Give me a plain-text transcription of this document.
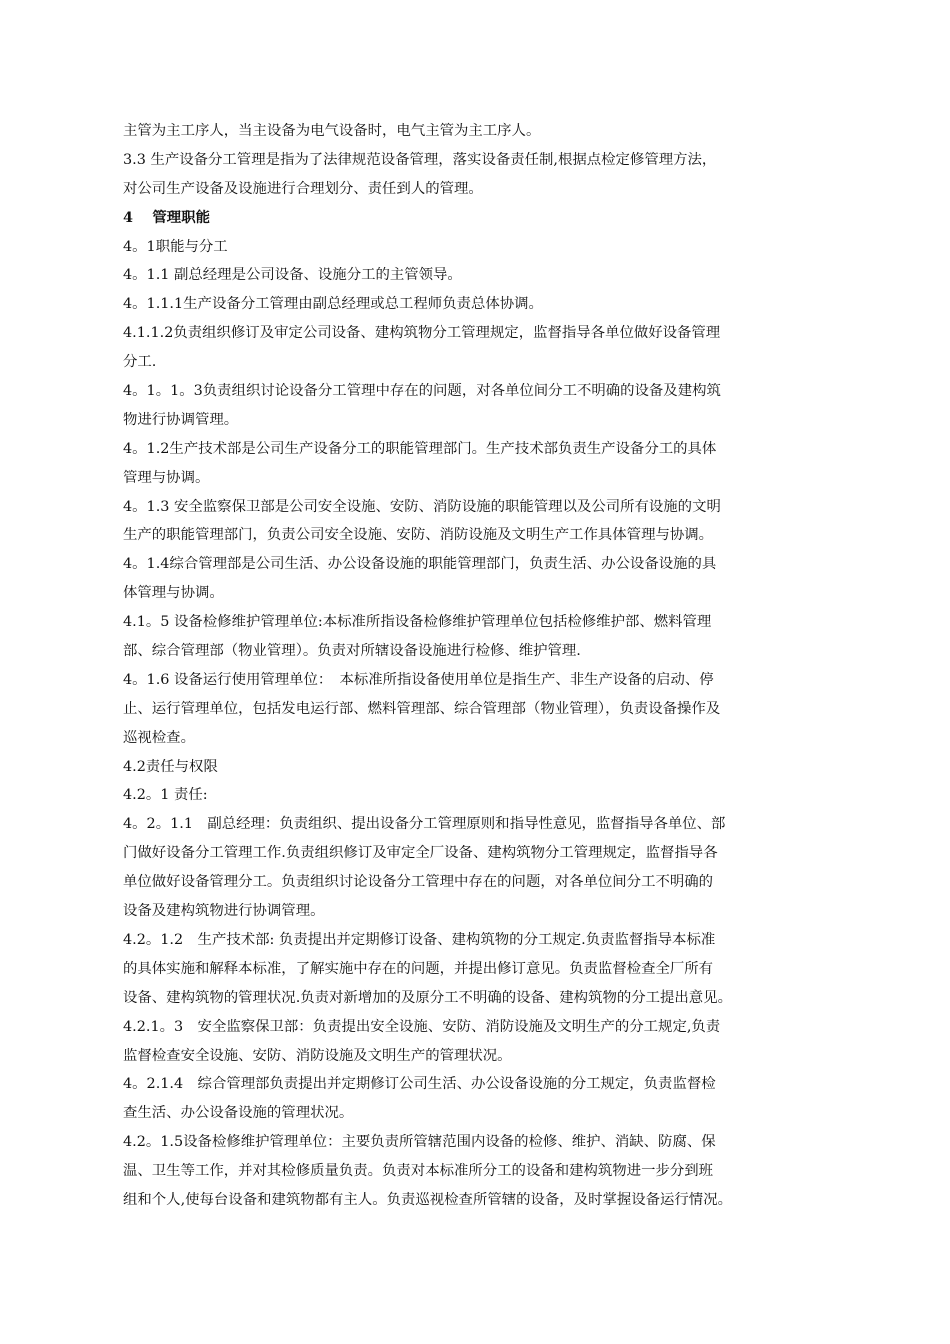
主管为主工序人，当主设备为电气设备时，电气主管为主工序人。
3.3 生产设备分工管理是指为了法律规范设备管理，落实设备责任制,根据点检定修管理方法，
对公司生产设备及设施进行合理划分、责任到人的管理。
4　 管理职能
4。1职能与分工
4。1.1 副总经理是公司设备、设施分工的主管领导。
4。1.1.1生产设备分工管理由副总经理或总工程师负责总体协调。
4.1.1.2负责组织修订及审定公司设备、建构筑物分工管理规定，监督指导各单位做好设备管理
分工.
4。1。1。3负责组织讨论设备分工管理中存在的问题，对各单位间分工不明确的设备及建构筑
物进行协调管理。
4。1.2生产技术部是公司生产设备分工的职能管理部门。生产技术部负责生产设备分工的具体
管理与协调。
4。1.3 安全监察保卫部是公司安全设施、安防、消防设施的职能管理以及公司所有设施的文明
生产的职能管理部门，负责公司安全设施、安防、消防设施及文明生产工作具体管理与协调。
4。1.4综合管理部是公司生活、办公设备设施的职能管理部门，负责生活、办公设备设施的具
体管理与协调。
4.1。5 设备检修维护管理单位:本标准所指设备检修维护管理单位包括检修维护部、燃料管理
部、综合管理部（物业管理）。负责对所辖设备设施进行检修、维护管理.
4。1.6 设备运行使用管理单位：　本标准所指设备使用单位是指生产、非生产设备的启动、停
止、运行管理单位，包括发电运行部、燃料管理部、综合管理部（物业管理），负责设备操作及
巡视检查。
4.2责任与权限
4.2。1 责任:
4。2。1.1　副总经理：负责组织、提出设备分工管理原则和指导性意见，监督指导各单位、部
门做好设备分工管理工作.负责组织修订及审定全厂设备、建构筑物分工管理规定，监督指导各
单位做好设备管理分工。负责组织讨论设备分工管理中存在的问题，对各单位间分工不明确的
设备及建构筑物进行协调管理。
4.2。1.2　生产技术部: 负责提出并定期修订设备、建构筑物的分工规定.负责监督指导本标准
的具体实施和解释本标准，了解实施中存在的问题，并提出修订意见。负责监督检查全厂所有
设备、建构筑物的管理状况.负责对新增加的及原分工不明确的设备、建构筑物的分工提出意见。
4.2.1。3　安全监察保卫部：负责提出安全设施、安防、消防设施及文明生产的分工规定,负责
监督检查安全设施、安防、消防设施及文明生产的管理状况。
4。2.1.4　综合管理部负责提出并定期修订公司生活、办公设备设施的分工规定，负责监督检
查生活、办公设备设施的管理状况。
4.2。1.5设备检修维护管理单位：主要负责所管辖范围内设备的检修、维护、消缺、防腐、保
温、卫生等工作，并对其检修质量负责。负责对本标准所分工的设备和建构筑物进一步分到班
组和个人,使每台设备和建筑物都有主人。负责巡视检查所管辖的设备，及时掌握设备运行情况。
